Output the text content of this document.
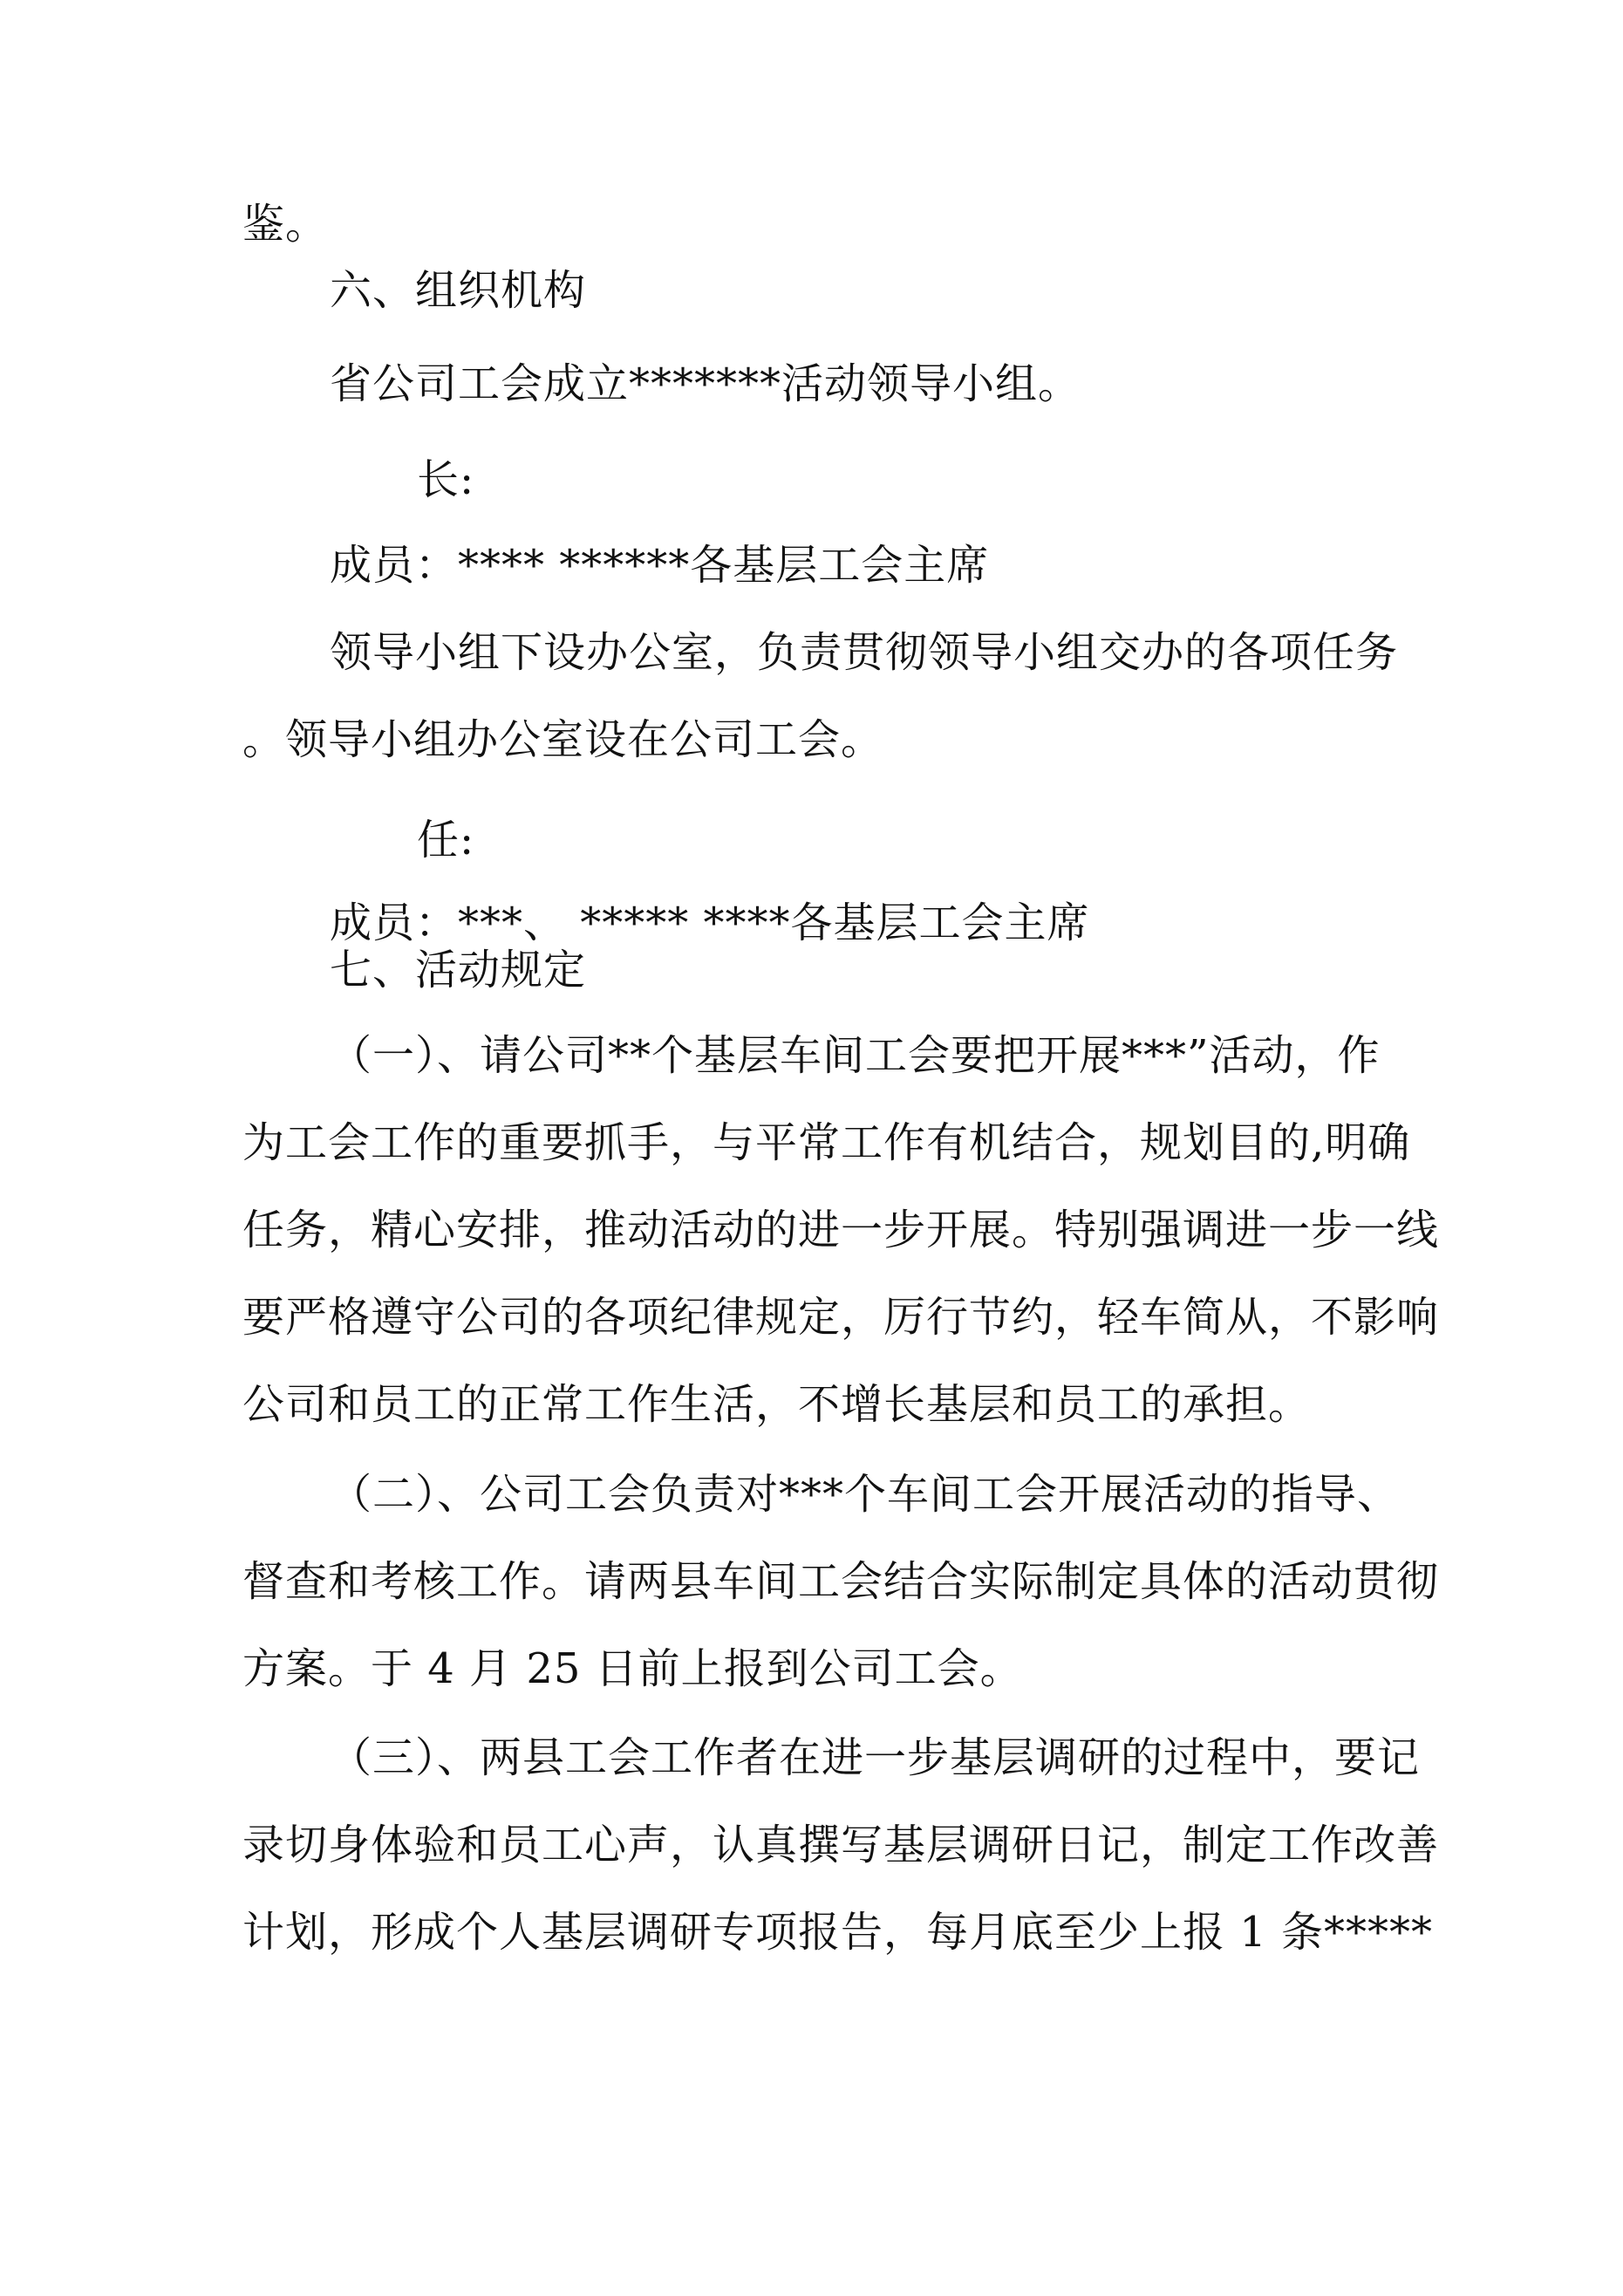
鉴。
六、组织机构
省公司工会成立*******活动领导小组。
长:
成员：**** ******各基层工会主席
领导小组下设办公室，负责贯彻领导小组交办的各项任务
。领导小组办公室设在公司工会。
任:
成员：***、 ***** ****各基层工会主席
七、活动规定
（一）、请公司**个基层车间工会要把开展***”活动，作
为工会工作的重要抓手，与平常工作有机结合，规划目的,明确
任务，精心安排，推动活动的进一步开展。特别强调进一步一线
要严格遵守公司的各项纪律规定，厉行节约，轻车简从，不影响
公司和员工的正常工作生活，不增长基层和员工的承担。
（二）、公司工会负责对***个车间工会开展活动的指导、
督查和考核工作。请两县车间工会结合实际制定具体的活动贯彻
方案。于 4 月 25 日前上报到公司工会。
（三）、两县工会工作者在进一步基层调研的过程中，要记
录切身体验和员工心声，认真撰写基层调研日记，制定工作改善
计划，形成个人基层调研专项报告，每月底至少上报 1 条*****
